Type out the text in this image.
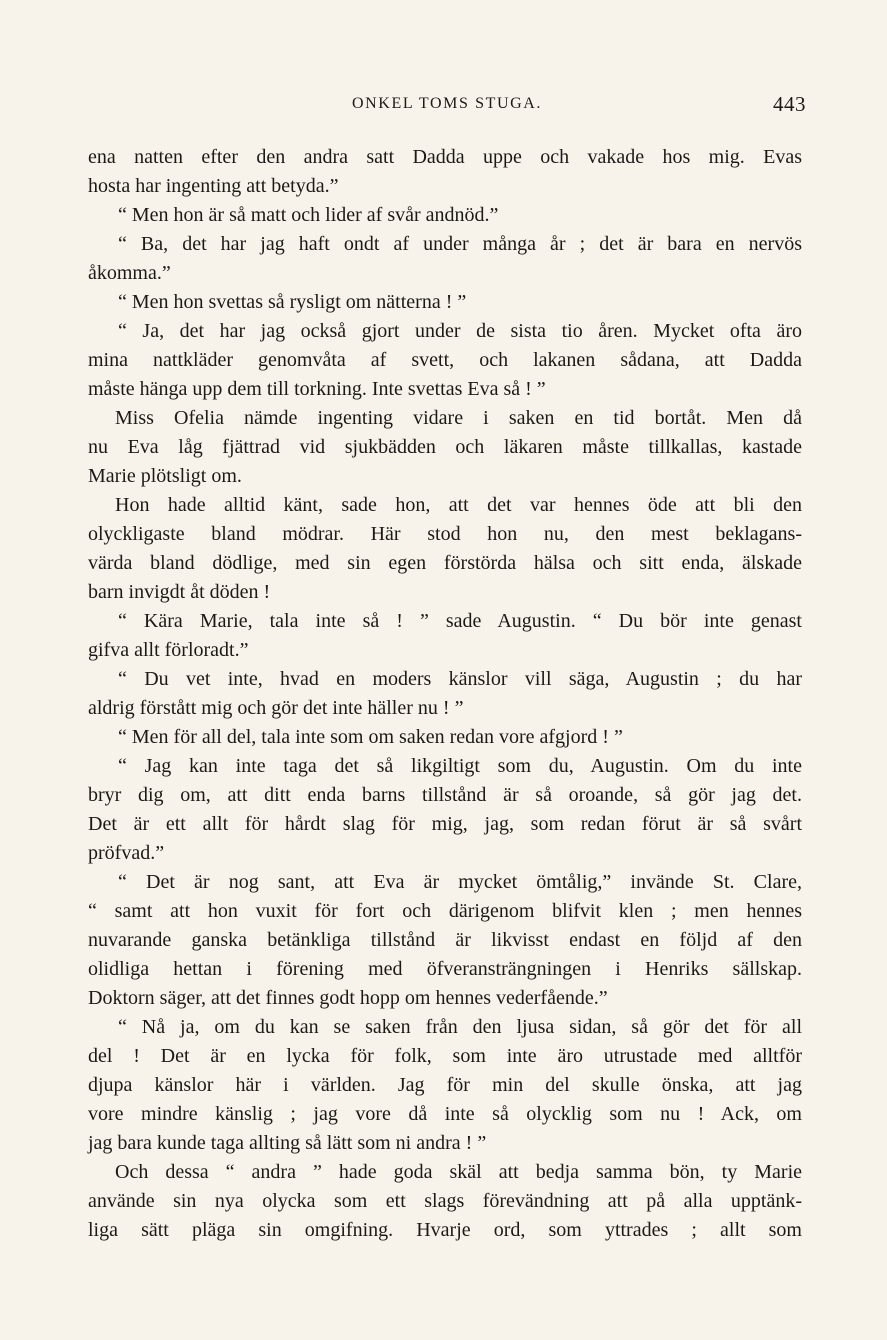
ONKEL TOMS STUGA.	443
ena natten efter den andra satt Dadda uppe och vakade hos mig. Evas
hosta har ingenting att betyda.”
“ Men hon är så matt och lider af svår andnöd.”
“ Ba, det har jag haft ondt af under många år ; det är bara en nervös
åkomma.”
“ Men hon svettas så rysligt om nätterna ! ”
“ Ja, det har jag också gjort under de sista tio åren. Mycket ofta äro
mina nattkläder genomvåta af svett, och lakanen sådana, att Dadda
måste hänga upp dem till torkning. Inte svettas Eva så ! ”
Miss Ofelia nämde ingenting vidare i saken en tid bortåt. Men då
nu Eva låg fjättrad vid sjukbädden och läkaren måste tillkallas, kastade
Marie plötsligt om.
Hon hade alltid känt, sade hon, att det var hennes öde att bli den
olyckligaste bland mödrar. Här stod hon nu, den mest beklagans-
värda bland dödlige, med sin egen förstörda hälsa och sitt enda, älskade
barn invigdt åt döden !
“ Kära Marie, tala inte så ! ” sade Augustin. “ Du bör inte genast
gifva allt förloradt.”
“ Du vet inte, hvad en moders känslor vill säga, Augustin ; du har
aldrig förstått mig och gör det inte häller nu ! ”
“ Men för all del, tala inte som om saken redan vore afgjord ! ”
“ Jag kan inte taga det så likgiltigt som du, Augustin. Om du inte
bryr dig om, att ditt enda barns tillstånd är så oroande, så gör jag det.
Det är ett allt för hårdt slag för mig, jag, som redan förut är så svårt
pröfvad.”
“ Det är nog sant, att Eva är mycket ömtålig,” invände St. Clare,
“ samt att hon vuxit för fort och därigenom blifvit klen ; men hennes
nuvarande ganska betänkliga tillstånd är likvisst endast en följd af den
olidliga hettan i förening med öfveransträngningen i Henriks sällskap.
Doktorn säger, att det finnes godt hopp om hennes vederfående.”
“ Nå ja, om du kan se saken från den ljusa sidan, så gör det för all
del ! Det är en lycka för folk, som inte äro utrustade med alltför
djupa känslor här i världen. Jag för min del skulle önska, att jag
vore mindre känslig ; jag vore då inte så olycklig som nu ! Ack, om
jag bara kunde taga allting så lätt som ni andra ! ”
Och dessa “ andra ” hade goda skäl att bedja samma bön, ty Marie
använde sin nya olycka som ett slags förevändning att på alla upptänk-
liga sätt pläga sin omgifning. Hvarje ord, som yttrades ; allt som
